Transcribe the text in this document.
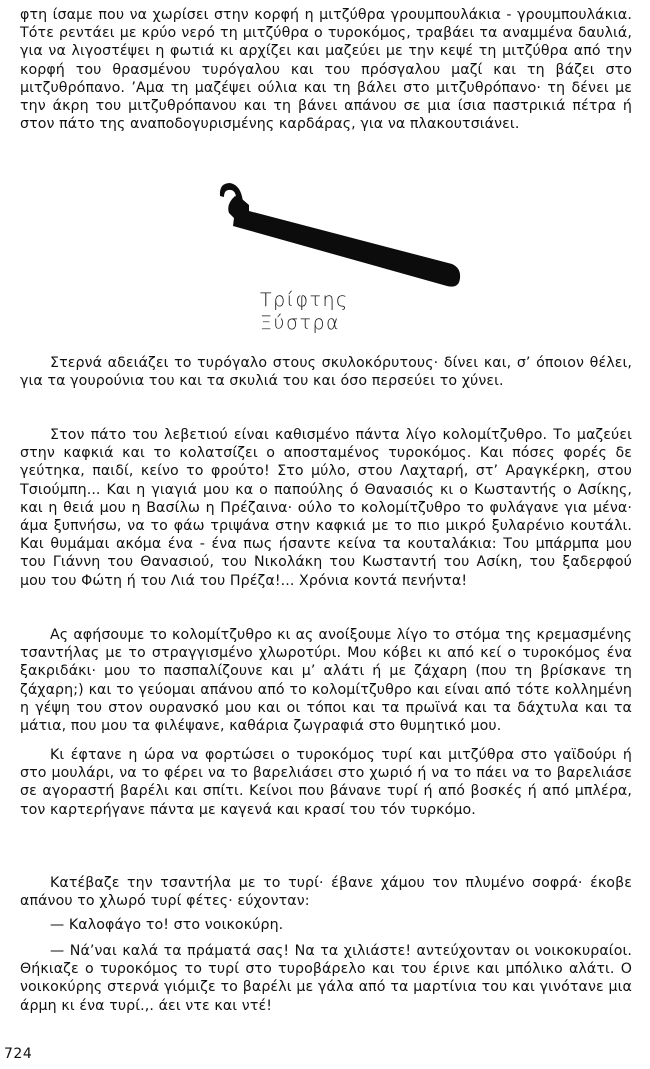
φτη ίσαμε που να χωρίσει στην κορφή η μιτζύθρα γρουμπουλάκια - γρουμπουλάκια. Τότε ρεντάει με κρύο νερό τη μιτζύθρα ο τυροκόμος, τραβάει τα αναμμένα δαυλιά, για να λιγοστέψει η φωτιά κι αρχίζει και μαζεύει με την κεψέ τη μιτζύθρα από την κορφή του θρασμένου τυρόγαλου και του πρόσγαλου μαζί και τη βάζει στο μιτζυθρόπανο. ’Αμα τη μαζέψει ούλια και τη βάλει στο μιτζυθρόπανο· τη δένει με την άκρη του μιτζυθρόπανου και τη βάνει απάνου σε μια ίσια παστρικιά πέτρα ή στον πάτο της αναποδογυρισμένης καρδάρας, για να πλακουτσιάνει.
Τρίφτης
Ξύστρα
Στερνά αδειάζει το τυρόγαλο στους σκυλοκόρυτους· δίνει και, σ’ όποιον θέλει, για τα γουρούνια του και τα σκυλιά του και όσο περσεύει το χύνει.
Στον πάτο του λεβετιού είναι καθισμένο πάντα λίγο κολομίτζυθρο. Το μαζεύει στην καφκιά και το κολατσίζει ο αποσταμένος τυροκόμος. Και πόσες φορές δε γεύτηκα, παιδί, κείνο το φρούτο! Στο μύλο, στου Λαχταρή, στ’ Αραγκέρκη, στου Τσιούμπη... Και η γιαγιά μου κα ο παπούλης ό Θανασιός κι ο Κωσταντής ο Ασίκης, και η θειά μου η Βασίλω η Πρέζαινα· ούλο το κολομίτζυθρο το φυλάγανε για μένα· άμα ξυπνήσω, να το φάω τριψάνα στην καφκιά με το πιο μικρό ξυλαρένιο κουτάλι. Και θυμάμαι ακόμα ένα - ένα πως ήσαντε κείνα τα κουταλάκια: Του μπάρμπα μου του Γιάννη του Θανασιού, του Νικολάκη του Κωσταντή του Ασίκη, του ξαδερφού μου του Φώτη ή του Λιά του Πρέζα!... Χρόνια κοντά πενήντα!
Ας αφήσουμε το κολομίτζυθρο κι ας ανοίξουμε λίγο το στόμα της κρεμασμένης τσαντήλας με το στραγγισμένο χλωροτύρι. Μου κόβει κι από κεί ο τυροκόμος ένα ξακριδάκι· μου το πασπαλίζουνε και μ’ αλάτι ή με ζάχαρη (που τη βρίσκανε τη ζάχαρη;) και το γεύομαι απάνου από το κολομίτζυθρο και είναι από τότε κολλημένη η γέψη του στον ουρανσκό μου και οι τόποι και τα πρωϊνά και τα δάχτυλα και τα μάτια, που μου τα φιλέψανε, καθάρια ζωγραφιά στο θυμητικό μου.
Κι έφτανε η ώρα να φορτώσει ο τυροκόμος τυρί και μιτζύθρα στο γαϊδούρι ή στο μουλάρι, να το φέρει να το βαρελιάσει στο χωριό ή να το πάει να το βαρελιάσε σε αγοραστή βαρέλι και σπίτι. Κείνοι που βάνανε τυρί ή από βοσκές ή από μπλέρα, τον καρτερήγανε πάντα με καγενά και κρασί του τόν τυρκόμο.
Κατέβαζε την τσαντήλα με το τυρί· έβανε χάμου τον πλυμένο σοφρά· έκοβε απάνου το χλωρό τυρί φέτες· εύχονταν:
— Καλοφάγο το! στο νοικοκύρη.
— Νά’ναι καλά τα πράματά σας! Να τα χιλιάστε! αντεύχονταν οι νοικοκυραίοι. Θήκιαζε ο τυροκόμος το τυρί στο τυροβάρελο και του έρινε και μπόλικο αλάτι. Ο νοικοκύρης στερνά γιόμιζε το βαρέλι με γάλα από τα μαρτίνια του και γινότανε μια άρμη κι ένα τυρί.,. άει ντε και ντέ!
724
